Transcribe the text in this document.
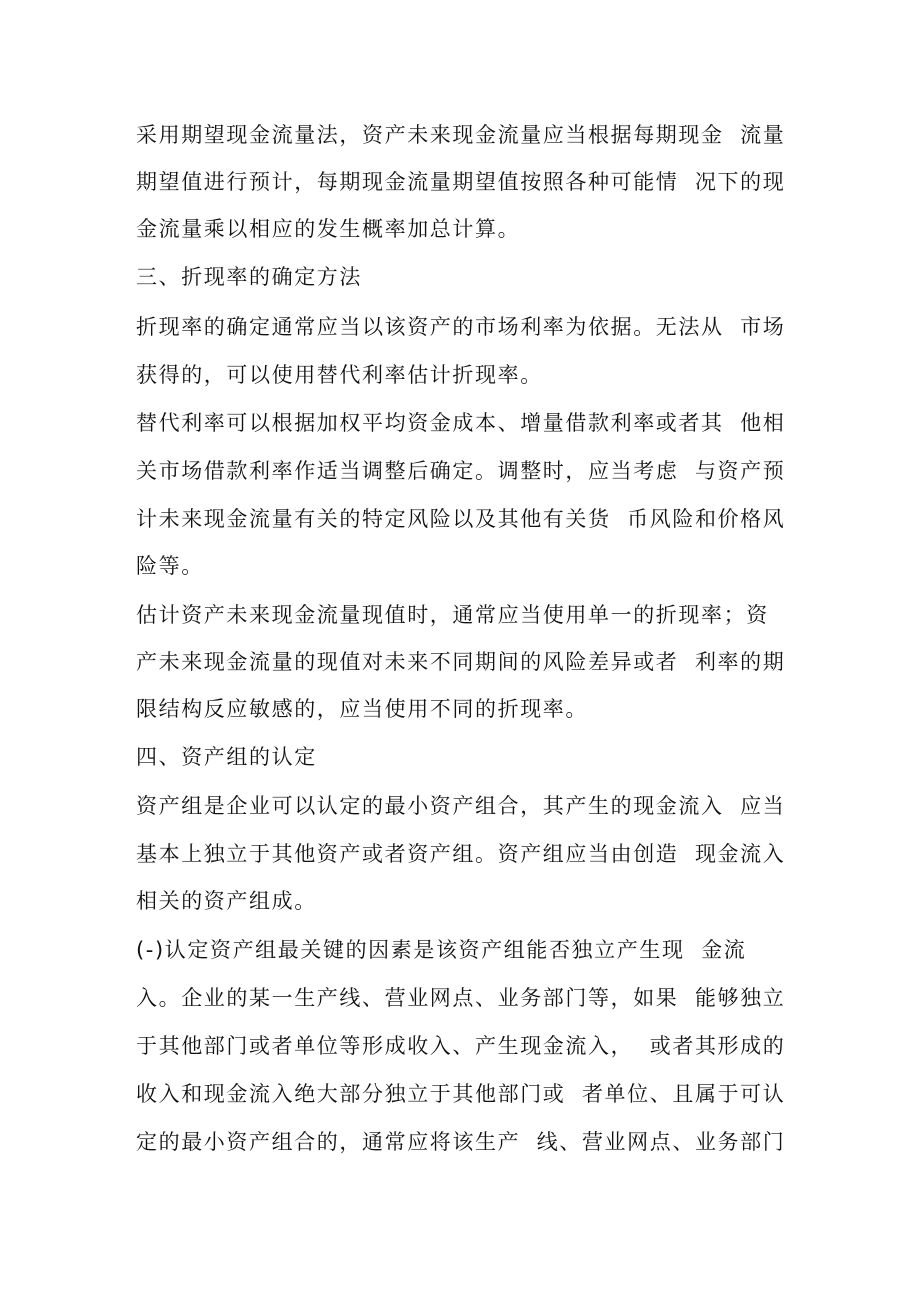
采用期望现金流量法，资产未来现金流量应当根据每期现金  流量

期望值进行预计，每期现金流量期望值按照各种可能情  况下的现

金流量乘以相应的发生概率加总计算。

三、折现率的确定方法

折现率的确定通常应当以该资产的市场利率为依据。无法从  市场

获得的，可以使用替代利率估计折现率。

替代利率可以根据加权平均资金成本、增量借款利率或者其  他相

关市场借款利率作适当调整后确定。调整时，应当考虑  与资产预

计未来现金流量有关的特定风险以及其他有关货  币风险和价格风

险等。

估计资产未来现金流量现值时，通常应当使用单一的折现率；资

产未来现金流量的现值对未来不同期间的风险差异或者  利率的期

限结构反应敏感的，应当使用不同的折现率。

四、资产组的认定

资产组是企业可以认定的最小资产组合，其产生的现金流入  应当

基本上独立于其他资产或者资产组。资产组应当由创造  现金流入

相关的资产组成。

(-)认定资产组最关键的因素是该资产组能否独立产生现  金流

入。企业的某一生产线、营业网点、业务部门等，如果  能够独立

于其他部门或者单位等形成收入、产生现金流入，  或者其形成的

收入和现金流入绝大部分独立于其他部门或  者单位、且属于可认

定的最小资产组合的，通常应将该生产  线、营业网点、业务部门
